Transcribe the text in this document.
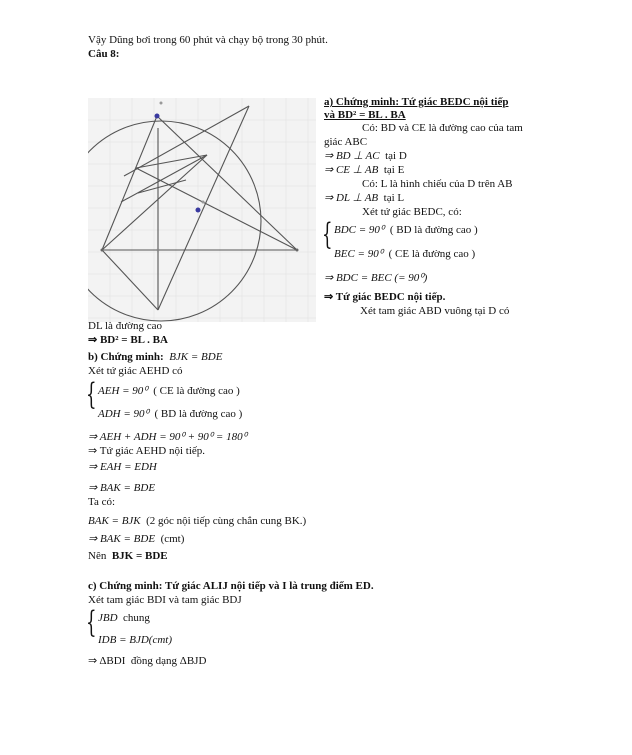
Vậy Dũng bơi trong 60 phút và chạy bộ trong 30 phút.
Câu 8:
a) Chứng minh: Tứ giác BEDC nội tiếp
và BD² = BL . BA
Có: BD và CE là đường cao của tam
giác ABC
⇒ BD ⊥ AC tại D
⇒ CE ⊥ AB tại E
Có: L là hình chiếu của D trên AB
⇒ DL ⊥ AB tại L
Xét tứ giác BEDC, có:
{ BDC = 90⁰ ( BD là đường cao )
BEC = 90⁰ ( CE là đường cao )
⇒ BDC = BEC (= 90⁰)
⇒ Tứ giác BEDC nội tiếp.
Xét tam giác ABD vuông tại D có
DL là đường cao
⇒ BD² = BL . BA
b) Chứng minh: BJK = BDE
Xét tứ giác AEHD có
{ AEH = 90⁰ ( CE là đường cao )
ADH = 90⁰ ( BD là đường cao )
⇒ AEH + ADH = 90⁰ + 90⁰ = 180⁰
⇒ Tứ giác AEHD nội tiếp.
⇒ EAH = EDH
⇒ BAK = BDE
Ta có:
BAK = BJK (2 góc nội tiếp cùng chắn cung BK.)
⇒ BAK = BDE (cmt)
Nên BJK = BDE
c) Chứng minh: Tứ giác ALIJ nội tiếp và I là trung điểm ED.
Xét tam giác BDI và tam giác BDJ
{ JBD chung
IDB = BJD(cmt)
⇒ ΔBDI đồng dạng ΔBJD
